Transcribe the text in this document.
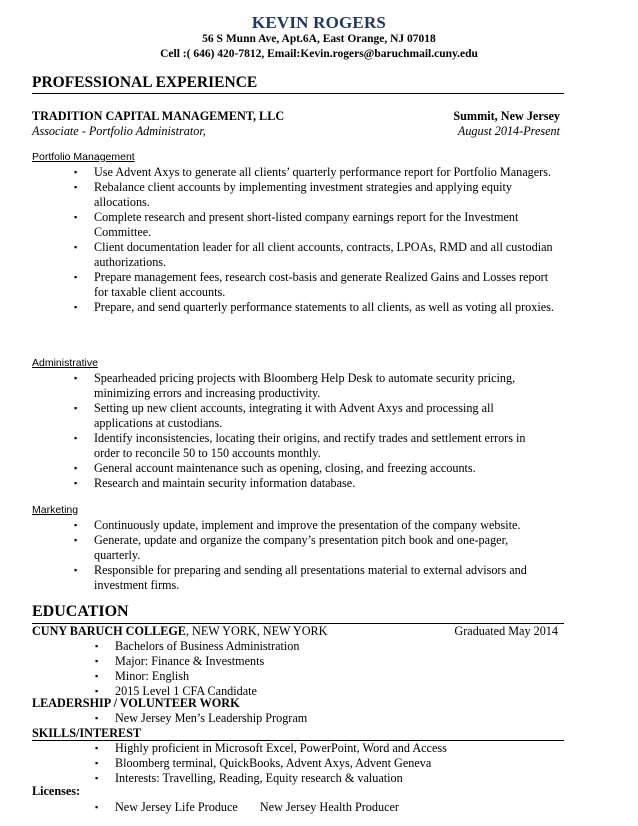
KEVIN ROGERS
56 S Munn Ave, Apt.6A, East Orange, NJ 07018
Cell :( 646) 420-7812, Email:Kevin.rogers@baruchmail.cuny.edu
PROFESSIONAL EXPERIENCE
TRADITION CAPITAL MANAGEMENT, LLC	Summit, New Jersey
Associate - Portfolio Administrator,	August 2014-Present
Portfolio Management
▪ Use Advent Axys to generate all clients’ quarterly performance report for Portfolio Managers.
▪ Rebalance client accounts by implementing investment strategies and applying equity allocations.
▪ Complete research and present short-listed company earnings report for the Investment Committee.
▪ Client documentation leader for all client accounts, contracts, LPOAs, RMD and all custodian authorizations.
▪ Prepare management fees, research cost-basis and generate Realized Gains and Losses report for taxable client accounts.
▪ Prepare, and send quarterly performance statements to all clients, as well as voting all proxies.
Administrative
▪ Spearheaded pricing projects with Bloomberg Help Desk to automate security pricing, minimizing errors and increasing productivity.
▪ Setting up new client accounts, integrating it with Advent Axys and processing all applications at custodians.
▪ Identify inconsistencies, locating their origins, and rectify trades and settlement errors in order to reconcile 50 to 150 accounts monthly.
▪ General account maintenance such as opening, closing, and freezing accounts.
▪ Research and maintain security information database.
Marketing
▪ Continuously update, implement and improve the presentation of the company website.
▪ Generate, update and organize the company’s presentation pitch book and one-pager, quarterly.
▪ Responsible for preparing and sending all presentations material to external advisors and investment firms.
EDUCATION
CUNY BARUCH COLLEGE, NEW YORK, NEW YORK	Graduated May 2014
▪ Bachelors of Business Administration
▪ Major: Finance & Investments
▪ Minor: English
▪ 2015 Level 1 CFA Candidate
LEADERSHIP / VOLUNTEER WORK
▪ New Jersey Men’s Leadership Program
SKILLS/INTEREST
▪ Highly proficient in Microsoft Excel, PowerPoint, Word and Access
▪ Bloomberg terminal, QuickBooks, Advent Axys, Advent Geneva
▪ Interests: Travelling, Reading, Equity research & valuation
Licenses:
▪ New Jersey Life Produce New Jersey Health Producer
